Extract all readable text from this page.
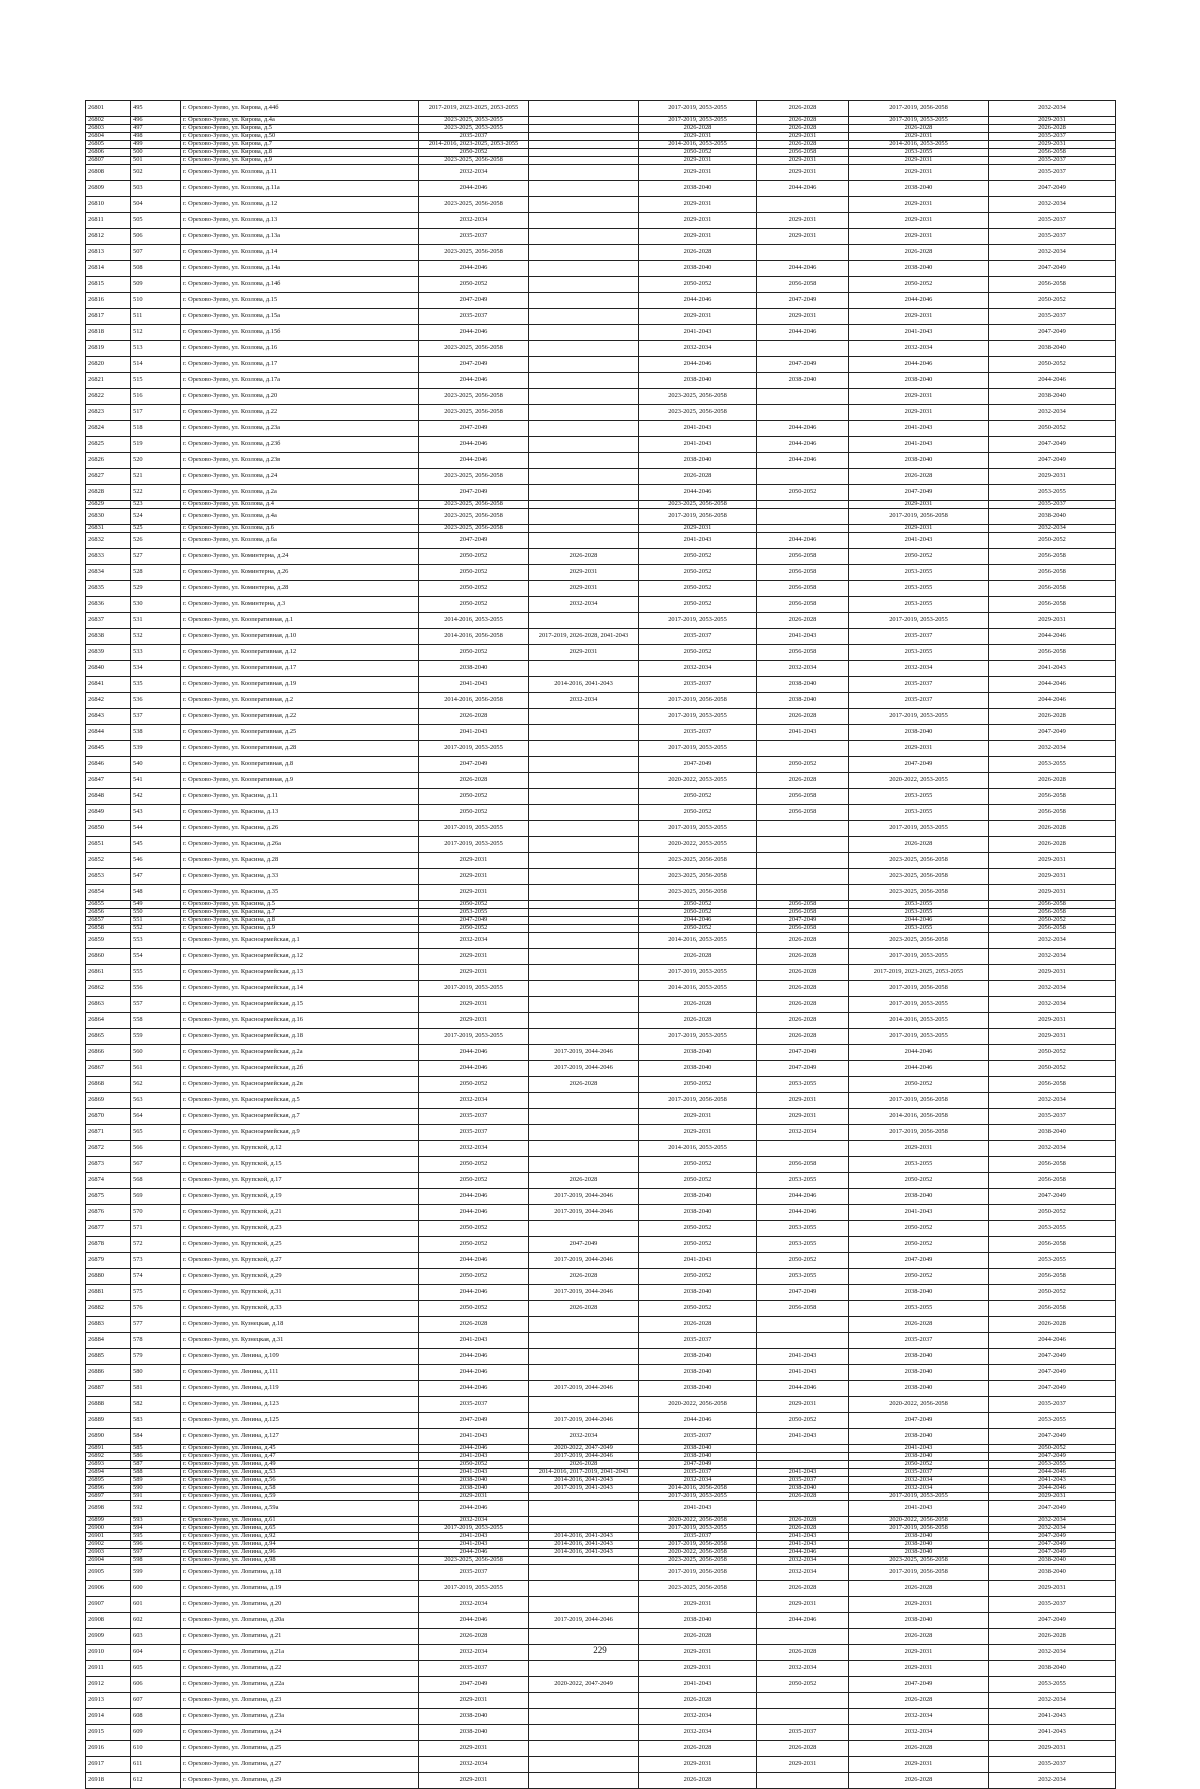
26801	495	г. Орехово-Зуево, ул. Кирова, д.44б	2017-2019, 2023-2025, 2053-2055		2017-2019, 2053-2055	2026-2028	2017-2019, 2056-2058	2032-2034
26802	496	г. Орехово-Зуево, ул. Кирова, д.4а	2023-2025, 2053-2055		2017-2019, 2053-2055	2026-2028	2017-2019, 2053-2055	2029-2031
26803	497	г. Орехово-Зуево, ул. Кирова, д.5	2023-2025, 2053-2055		2026-2028	2026-2028	2026-2028	2026-2028
26804	498	г. Орехово-Зуево, ул. Кирова, д.50	2035-2037		2029-2031	2029-2031	2029-2031	2035-2037
26805	499	г. Орехово-Зуево, ул. Кирова, д.7	2014-2016, 2023-2025, 2053-2055		2014-2016, 2053-2055	2026-2028	2014-2016, 2053-2055	2029-2031
26806	500	г. Орехово-Зуево, ул. Кирова, д.8	2050-2052		2050-2052	2056-2058	2053-2055	2056-2058
26807	501	г. Орехово-Зуево, ул. Кирова, д.9	2023-2025, 2056-2058		2029-2031	2029-2031	2029-2031	2035-2037
26808	502	г. Орехово-Зуево, ул. Козлова, д.11	2032-2034		2029-2031	2029-2031	2029-2031	2035-2037
26809	503	г. Орехово-Зуево, ул. Козлова, д.11а	2044-2046		2038-2040	2044-2046	2038-2040	2047-2049
26810	504	г. Орехово-Зуево, ул. Козлова, д.12	2023-2025, 2056-2058		2029-2031		2029-2031	2032-2034
26811	505	г. Орехово-Зуево, ул. Козлова, д.13	2032-2034		2029-2031	2029-2031	2029-2031	2035-2037
26812	506	г. Орехово-Зуево, ул. Козлова, д.13а	2035-2037		2029-2031	2029-2031	2029-2031	2035-2037
26813	507	г. Орехово-Зуево, ул. Козлова, д.14	2023-2025, 2056-2058		2026-2028		2026-2028	2032-2034
26814	508	г. Орехово-Зуево, ул. Козлова, д.14а	2044-2046		2038-2040	2044-2046	2038-2040	2047-2049
26815	509	г. Орехово-Зуево, ул. Козлова, д.14б	2050-2052		2050-2052	2056-2058	2050-2052	2056-2058
26816	510	г. Орехово-Зуево, ул. Козлова, д.15	2047-2049		2044-2046	2047-2049	2044-2046	2050-2052
26817	511	г. Орехово-Зуево, ул. Козлова, д.15а	2035-2037		2029-2031	2029-2031	2029-2031	2035-2037
26818	512	г. Орехово-Зуево, ул. Козлова, д.15б	2044-2046		2041-2043	2044-2046	2041-2043	2047-2049
26819	513	г. Орехово-Зуево, ул. Козлова, д.16	2023-2025, 2056-2058		2032-2034		2032-2034	2038-2040
26820	514	г. Орехово-Зуево, ул. Козлова, д.17	2047-2049		2044-2046	2047-2049	2044-2046	2050-2052
26821	515	г. Орехово-Зуево, ул. Козлова, д.17а	2044-2046		2038-2040	2038-2040	2038-2040	2044-2046
26822	516	г. Орехово-Зуево, ул. Козлова, д.20	2023-2025, 2056-2058		2023-2025, 2056-2058		2029-2031	2038-2040
26823	517	г. Орехово-Зуево, ул. Козлова, д.22	2023-2025, 2056-2058		2023-2025, 2056-2058		2029-2031	2032-2034
26824	518	г. Орехово-Зуево, ул. Козлова, д.23а	2047-2049		2041-2043	2044-2046	2041-2043	2050-2052
26825	519	г. Орехово-Зуево, ул. Козлова, д.23б	2044-2046		2041-2043	2044-2046	2041-2043	2047-2049
26826	520	г. Орехово-Зуево, ул. Козлова, д.23в	2044-2046		2038-2040	2044-2046	2038-2040	2047-2049
26827	521	г. Орехово-Зуево, ул. Козлова, д.24	2023-2025, 2056-2058		2026-2028		2026-2028	2029-2031
26828	522	г. Орехово-Зуево, ул. Козлова, д.2а	2047-2049		2044-2046	2050-2052	2047-2049	2053-2055
26829	523	г. Орехово-Зуево, ул. Козлова, д.4	2023-2025, 2056-2058		2023-2025, 2056-2058		2029-2031	2035-2037
26830	524	г. Орехово-Зуево, ул. Козлова, д.4а	2023-2025, 2056-2058		2017-2019, 2056-2058		2017-2019, 2056-2058	2038-2040
26831	525	г. Орехово-Зуево, ул. Козлова, д.6	2023-2025, 2056-2058		2029-2031		2029-2031	2032-2034
26832	526	г. Орехово-Зуево, ул. Козлова, д.6а	2047-2049		2041-2043	2044-2046	2041-2043	2050-2052
26833	527	г. Орехово-Зуево, ул. Коминтерна, д.24	2050-2052	2026-2028	2050-2052	2056-2058	2050-2052	2056-2058
26834	528	г. Орехово-Зуево, ул. Коминтерна, д.26	2050-2052	2029-2031	2050-2052	2056-2058	2053-2055	2056-2058
26835	529	г. Орехово-Зуево, ул. Коминтерна, д.28	2050-2052	2029-2031	2050-2052	2056-2058	2053-2055	2056-2058
26836	530	г. Орехово-Зуево, ул. Коминтерна, д.3	2050-2052	2032-2034	2050-2052	2056-2058	2053-2055	2056-2058
26837	531	г. Орехово-Зуево, ул. Кооперативная, д.1	2014-2016, 2053-2055		2017-2019, 2053-2055	2026-2028	2017-2019, 2053-2055	2029-2031
26838	532	г. Орехово-Зуево, ул. Кооперативная, д.10	2014-2016, 2056-2058	2017-2019, 2026-2028, 2041-2043	2035-2037	2041-2043	2035-2037	2044-2046
26839	533	г. Орехово-Зуево, ул. Кооперативная, д.12	2050-2052	2029-2031	2050-2052	2056-2058	2053-2055	2056-2058
26840	534	г. Орехово-Зуево, ул. Кооперативная, д.17	2038-2040		2032-2034	2032-2034	2032-2034	2041-2043
26841	535	г. Орехово-Зуево, ул. Кооперативная, д.19	2041-2043	2014-2016, 2041-2043	2035-2037	2038-2040	2035-2037	2044-2046
26842	536	г. Орехово-Зуево, ул. Кооперативная, д.2	2014-2016, 2056-2058	2032-2034	2017-2019, 2056-2058	2038-2040	2035-2037	2044-2046
26843	537	г. Орехово-Зуево, ул. Кооперативная, д.22	2026-2028		2017-2019, 2053-2055	2026-2028	2017-2019, 2053-2055	2026-2028
26844	538	г. Орехово-Зуево, ул. Кооперативная, д.25	2041-2043		2035-2037	2041-2043	2038-2040	2047-2049
26845	539	г. Орехово-Зуево, ул. Кооперативная, д.28	2017-2019, 2053-2055		2017-2019, 2053-2055		2029-2031	2032-2034
26846	540	г. Орехово-Зуево, ул. Кооперативная, д.8	2047-2049		2047-2049	2050-2052	2047-2049	2053-2055
26847	541	г. Орехово-Зуево, ул. Кооперативная, д.9	2026-2028		2020-2022, 2053-2055	2026-2028	2020-2022, 2053-2055	2026-2028
26848	542	г. Орехово-Зуево, ул. Красина, д.11	2050-2052		2050-2052	2056-2058	2053-2055	2056-2058
26849	543	г. Орехово-Зуево, ул. Красина, д.13	2050-2052		2050-2052	2056-2058	2053-2055	2056-2058
26850	544	г. Орехово-Зуево, ул. Красина, д.26	2017-2019, 2053-2055		2017-2019, 2053-2055		2017-2019, 2053-2055	2026-2028
26851	545	г. Орехово-Зуево, ул. Красина, д.26а	2017-2019, 2053-2055		2020-2022, 2053-2055		2026-2028	2026-2028
26852	546	г. Орехово-Зуево, ул. Красина, д.28	2029-2031		2023-2025, 2056-2058		2023-2025, 2056-2058	2029-2031
26853	547	г. Орехово-Зуево, ул. Красина, д.33	2029-2031		2023-2025, 2056-2058		2023-2025, 2056-2058	2029-2031
26854	548	г. Орехово-Зуево, ул. Красина, д.35	2029-2031		2023-2025, 2056-2058		2023-2025, 2056-2058	2029-2031
26855	549	г. Орехово-Зуево, ул. Красина, д.5	2050-2052		2050-2052	2056-2058	2053-2055	2056-2058
26856	550	г. Орехово-Зуево, ул. Красина, д.7	2053-2055		2050-2052	2056-2058	2053-2055	2056-2058
26857	551	г. Орехово-Зуево, ул. Красина, д.8	2047-2049		2044-2046	2047-2049	2044-2046	2050-2052
26858	552	г. Орехово-Зуево, ул. Красина, д.9	2050-2052		2050-2052	2056-2058	2053-2055	2056-2058
26859	553	г. Орехово-Зуево, ул. Красноармейская, д.1	2032-2034		2014-2016, 2053-2055	2026-2028	2023-2025, 2056-2058	2032-2034
26860	554	г. Орехово-Зуево, ул. Красноармейская, д.12	2029-2031		2026-2028	2026-2028	2017-2019, 2053-2055	2032-2034
26861	555	г. Орехово-Зуево, ул. Красноармейская, д.13	2029-2031		2017-2019, 2053-2055	2026-2028	2017-2019, 2023-2025, 2053-2055	2029-2031
26862	556	г. Орехово-Зуево, ул. Красноармейская, д.14	2017-2019, 2053-2055		2014-2016, 2053-2055	2026-2028	2017-2019, 2056-2058	2032-2034
26863	557	г. Орехово-Зуево, ул. Красноармейская, д.15	2029-2031		2026-2028	2026-2028	2017-2019, 2053-2055	2032-2034
26864	558	г. Орехово-Зуево, ул. Красноармейская, д.16	2029-2031		2026-2028	2026-2028	2014-2016, 2053-2055	2029-2031
26865	559	г. Орехово-Зуево, ул. Красноармейская, д.18	2017-2019, 2053-2055		2017-2019, 2053-2055	2026-2028	2017-2019, 2053-2055	2029-2031
26866	560	г. Орехово-Зуево, ул. Красноармейская, д.2а	2044-2046	2017-2019, 2044-2046	2038-2040	2047-2049	2044-2046	2050-2052
26867	561	г. Орехово-Зуево, ул. Красноармейская, д.2б	2044-2046	2017-2019, 2044-2046	2038-2040	2047-2049	2044-2046	2050-2052
26868	562	г. Орехово-Зуево, ул. Красноармейская, д.2в	2050-2052	2026-2028	2050-2052	2053-2055	2050-2052	2056-2058
26869	563	г. Орехово-Зуево, ул. Красноармейская, д.5	2032-2034		2017-2019, 2056-2058	2029-2031	2017-2019, 2056-2058	2032-2034
26870	564	г. Орехово-Зуево, ул. Красноармейская, д.7	2035-2037		2029-2031	2029-2031	2014-2016, 2056-2058	2035-2037
26871	565	г. Орехово-Зуево, ул. Красноармейская, д.9	2035-2037		2029-2031	2032-2034	2017-2019, 2056-2058	2038-2040
26872	566	г. Орехово-Зуево, ул. Крупской, д.12	2032-2034		2014-2016, 2053-2055		2029-2031	2032-2034
26873	567	г. Орехово-Зуево, ул. Крупской, д.15	2050-2052		2050-2052	2056-2058	2053-2055	2056-2058
26874	568	г. Орехово-Зуево, ул. Крупской, д.17	2050-2052	2026-2028	2050-2052	2053-2055	2050-2052	2056-2058
26875	569	г. Орехово-Зуево, ул. Крупской, д.19	2044-2046	2017-2019, 2044-2046	2038-2040	2044-2046	2038-2040	2047-2049
26876	570	г. Орехово-Зуево, ул. Крупской, д.21	2044-2046	2017-2019, 2044-2046	2038-2040	2044-2046	2041-2043	2050-2052
26877	571	г. Орехово-Зуево, ул. Крупской, д.23	2050-2052		2050-2052	2053-2055	2050-2052	2053-2055
26878	572	г. Орехово-Зуево, ул. Крупской, д.25	2050-2052	2047-2049	2050-2052	2053-2055	2050-2052	2056-2058
26879	573	г. Орехово-Зуево, ул. Крупской, д.27	2044-2046	2017-2019, 2044-2046	2041-2043	2050-2052	2047-2049	2053-2055
26880	574	г. Орехово-Зуево, ул. Крупской, д.29	2050-2052	2026-2028	2050-2052	2053-2055	2050-2052	2056-2058
26881	575	г. Орехово-Зуево, ул. Крупской, д.31	2044-2046	2017-2019, 2044-2046	2038-2040	2047-2049	2038-2040	2050-2052
26882	576	г. Орехово-Зуево, ул. Крупской, д.33	2050-2052	2026-2028	2050-2052	2056-2058	2053-2055	2056-2058
26883	577	г. Орехово-Зуево, ул. Кузнецкая, д.18	2026-2028		2026-2028		2026-2028	2026-2028
26884	578	г. Орехово-Зуево, ул. Кузнецкая, д.31	2041-2043		2035-2037		2035-2037	2044-2046
26885	579	г. Орехово-Зуево, ул. Ленина, д.109	2044-2046		2038-2040	2041-2043	2038-2040	2047-2049
26886	580	г. Орехово-Зуево, ул. Ленина, д.111	2044-2046		2038-2040	2041-2043	2038-2040	2047-2049
26887	581	г. Орехово-Зуево, ул. Ленина, д.119	2044-2046	2017-2019, 2044-2046	2038-2040	2044-2046	2038-2040	2047-2049
26888	582	г. Орехово-Зуево, ул. Ленина, д.123	2035-2037		2020-2022, 2056-2058	2029-2031	2020-2022, 2056-2058	2035-2037
26889	583	г. Орехово-Зуево, ул. Ленина, д.125	2047-2049	2017-2019, 2044-2046	2044-2046	2050-2052	2047-2049	2053-2055
26890	584	г. Орехово-Зуево, ул. Ленина, д.127	2041-2043	2032-2034	2035-2037	2041-2043	2038-2040	2047-2049
26891	585	г. Орехово-Зуево, ул. Ленина, д.45	2044-2046	2020-2022, 2047-2049	2038-2040		2041-2043	2050-2052
26892	586	г. Орехово-Зуево, ул. Ленина, д.47	2041-2043	2017-2019, 2044-2046	2038-2040		2038-2040	2047-2049
26893	587	г. Орехово-Зуево, ул. Ленина, д.49	2050-2052	2026-2028	2047-2049		2050-2052	2053-2055
26894	588	г. Орехово-Зуево, ул. Ленина, д.53	2041-2043	2014-2016, 2017-2019, 2041-2043	2035-2037	2041-2043	2035-2037	2044-2046
26895	589	г. Орехово-Зуево, ул. Ленина, д.56	2038-2040	2014-2016, 2041-2043	2032-2034	2035-2037	2032-2034	2041-2043
26896	590	г. Орехово-Зуево, ул. Ленина, д.58	2038-2040	2017-2019, 2041-2043	2014-2016, 2056-2058	2038-2040	2032-2034	2044-2046
26897	591	г. Орехово-Зуево, ул. Ленина, д.59	2029-2031		2017-2019, 2053-2055	2026-2028	2017-2019, 2053-2055	2029-2031
26898	592	г. Орехово-Зуево, ул. Ленина, д.59а	2044-2046		2041-2043		2041-2043	2047-2049
26899	593	г. Орехово-Зуево, ул. Ленина, д.61	2032-2034		2020-2022, 2056-2058	2026-2028	2020-2022, 2056-2058	2032-2034
26900	594	г. Орехово-Зуево, ул. Ленина, д.65	2017-2019, 2053-2055		2017-2019, 2053-2055	2026-2028	2017-2019, 2056-2058	2032-2034
26901	595	г. Орехово-Зуево, ул. Ленина, д.92	2041-2043	2014-2016, 2041-2043	2035-2037	2041-2043	2038-2040	2047-2049
26902	596	г. Орехово-Зуево, ул. Ленина, д.94	2041-2043	2014-2016, 2041-2043	2017-2019, 2056-2058	2041-2043	2038-2040	2047-2049
26903	597	г. Орехово-Зуево, ул. Ленина, д.96	2044-2046	2014-2016, 2041-2043	2020-2022, 2056-2058	2044-2046	2038-2040	2047-2049
26904	598	г. Орехово-Зуево, ул. Ленина, д.98	2023-2025, 2056-2058		2023-2025, 2056-2058	2032-2034	2023-2025, 2056-2058	2038-2040
26905	599	г. Орехово-Зуево, ул. Лопатина, д.18	2035-2037		2017-2019, 2056-2058	2032-2034	2017-2019, 2056-2058	2038-2040
26906	600	г. Орехово-Зуево, ул. Лопатина, д.19	2017-2019, 2053-2055		2023-2025, 2056-2058	2026-2028	2026-2028	2029-2031
26907	601	г. Орехово-Зуево, ул. Лопатина, д.20	2032-2034		2029-2031	2029-2031	2029-2031	2035-2037
26908	602	г. Орехово-Зуево, ул. Лопатина, д.20а	2044-2046	2017-2019, 2044-2046	2038-2040	2044-2046	2038-2040	2047-2049
26909	603	г. Орехово-Зуево, ул. Лопатина, д.21	2026-2028		2026-2028		2026-2028	2026-2028
26910	604	г. Орехово-Зуево, ул. Лопатина, д.21а	2032-2034		2029-2031	2026-2028	2029-2031	2032-2034
26911	605	г. Орехово-Зуево, ул. Лопатина, д.22	2035-2037		2029-2031	2032-2034	2029-2031	2038-2040
26912	606	г. Орехово-Зуево, ул. Лопатина, д.22а	2047-2049	2020-2022, 2047-2049	2041-2043	2050-2052	2047-2049	2053-2055
26913	607	г. Орехово-Зуево, ул. Лопатина, д.23	2029-2031		2026-2028		2026-2028	2032-2034
26914	608	г. Орехово-Зуево, ул. Лопатина, д.23а	2038-2040		2032-2034		2032-2034	2041-2043
26915	609	г. Орехово-Зуево, ул. Лопатина, д.24	2038-2040		2032-2034	2035-2037	2032-2034	2041-2043
26916	610	г. Орехово-Зуево, ул. Лопатина, д.25	2029-2031		2026-2028	2026-2028	2026-2028	2029-2031
26917	611	г. Орехово-Зуево, ул. Лопатина, д.27	2032-2034		2029-2031	2029-2031	2029-2031	2035-2037
26918	612	г. Орехово-Зуево, ул. Лопатина, д.29	2029-2031		2026-2028		2026-2028	2032-2034
229
